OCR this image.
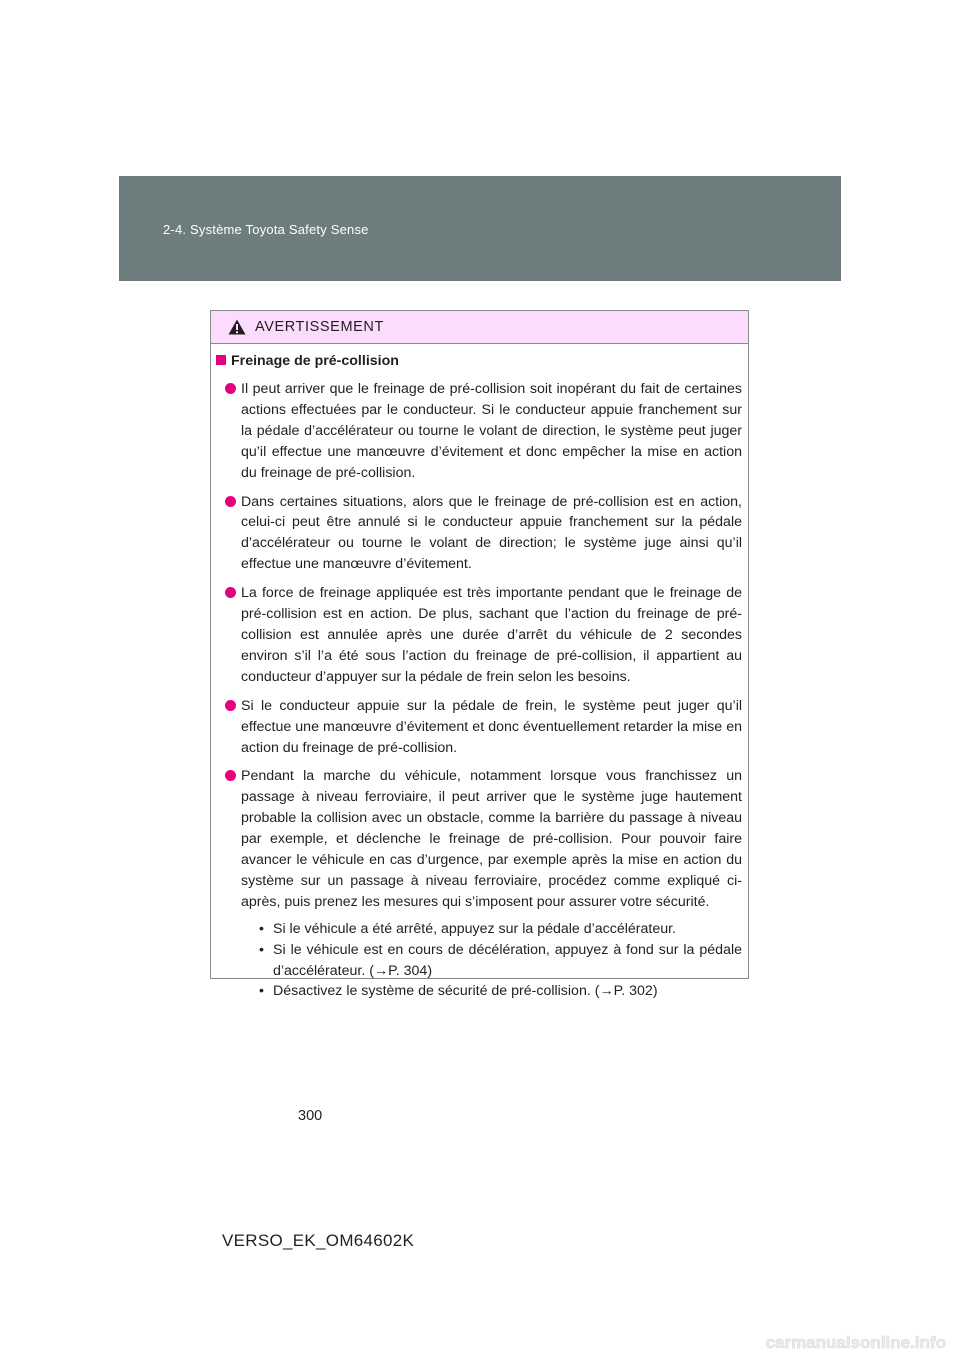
2-4. Système Toyota Safety Sense
AVERTISSEMENT
Freinage de pré-collision
Il peut arriver que le freinage de pré-collision soit inopérant du fait de certaines actions effectuées par le conducteur. Si le conducteur appuie franchement sur la pédale d’accélérateur ou tourne le volant de direction, le système peut juger qu’il effectue une manœuvre d’évitement et donc empêcher la mise en action du freinage de pré-collision.
Dans certaines situations, alors que le freinage de pré-collision est en action, celui-ci peut être annulé si le conducteur appuie franchement sur la pédale d’accélérateur ou tourne le volant de direction; le système juge ainsi qu’il effectue une manœuvre d’évitement.
La force de freinage appliquée est très importante pendant que le freinage de pré-collision est en action. De plus, sachant que l’action du freinage de pré-collision est annulée après une durée d’arrêt du véhicule de 2 secondes environ s’il l’a été sous l’action du freinage de pré-collision, il appartient au conducteur d’appuyer sur la pédale de frein selon les besoins.
Si le conducteur appuie sur la pédale de frein, le système peut juger qu’il effectue une manœuvre d’évitement et donc éventuellement retarder la mise en action du freinage de pré-collision.
Pendant la marche du véhicule, notamment lorsque vous franchissez un passage à niveau ferroviaire, il peut arriver que le système juge hautement probable la collision avec un obstacle, comme la barrière du passage à niveau par exemple, et déclenche le freinage de pré-collision. Pour pouvoir faire avancer le véhicule en cas d’urgence, par exemple après la mise en action du système sur un passage à niveau ferroviaire, procédez comme expliqué ci-après, puis prenez les mesures qui s’imposent pour assurer votre sécurité.
• Si le véhicule a été arrêté, appuyez sur la pédale d’accélérateur.
• Si le véhicule est en cours de décélération, appuyez à fond sur la pédale d’accélérateur. (→P. 304)
• Désactivez le système de sécurité de pré-collision. (→P. 302)
300
VERSO_EK_OM64602K
carmanualsonline.info
